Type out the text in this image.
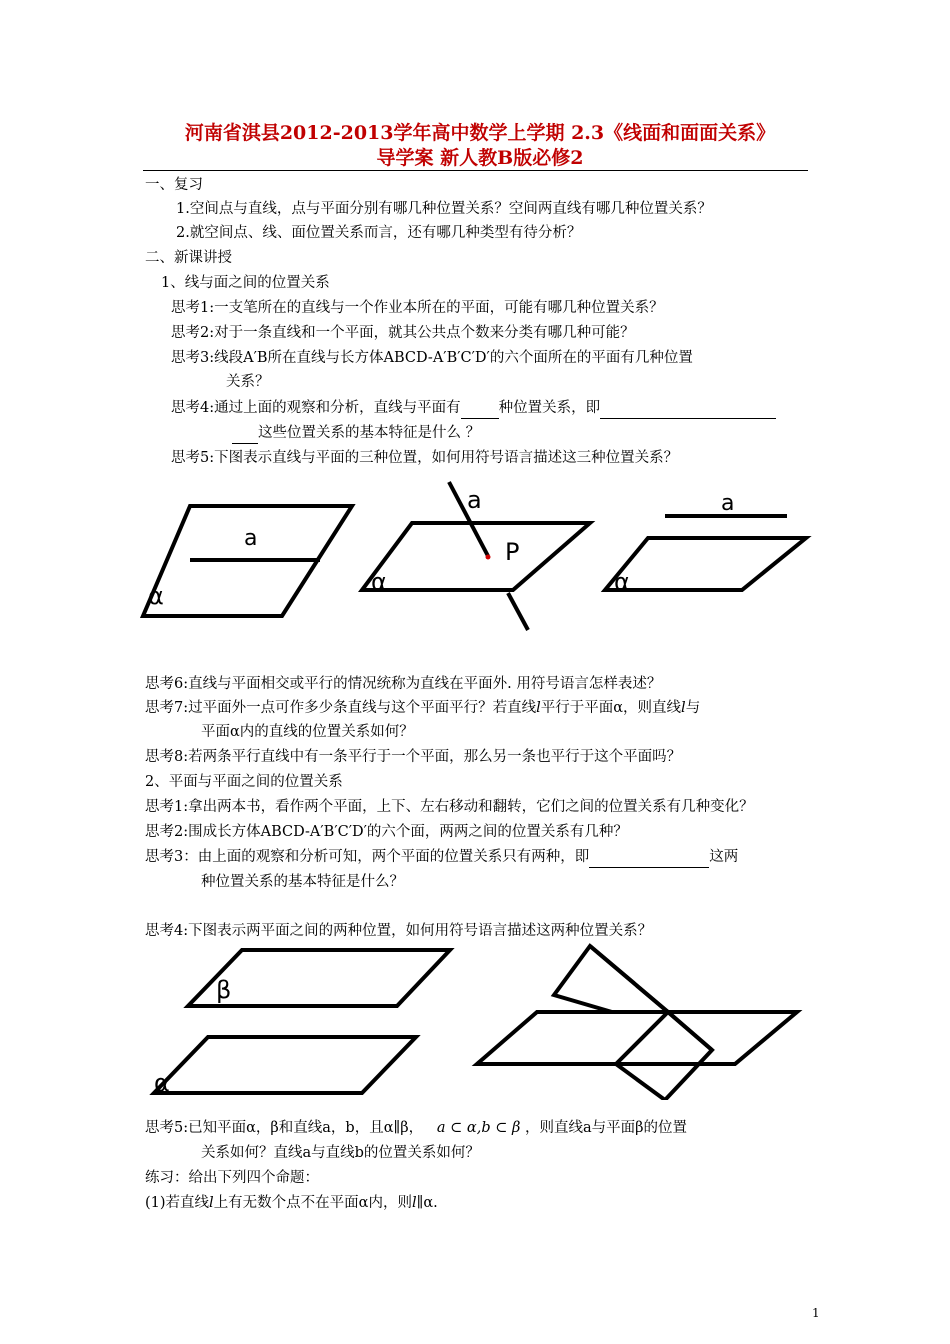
河南省淇县2012-2013学年高中数学上学期 2.3《线面和面面关系》
导学案 新人教B版必修2
一、复习
1.空间点与直线，点与平面分别有哪几种位置关系？空间两直线有哪几种位置关系？
2.就空间点、线、面位置关系而言，还有哪几种类型有待分析？
二、新课讲授
1、线与面之间的位置关系
思考1:一支笔所在的直线与一个作业本所在的平面，可能有哪几种位置关系？
思考2:对于一条直线和一个平面，就其公共点个数来分类有哪几种可能？
思考3:线段A′B所在直线与长方体ABCD-A′B′C′D′的六个面所在的平面有几种位置
关系？
思考4:通过上面的观察和分析，直线与平面有	种位置关系，即
这些位置关系的基本特征是什么 ？
思考5:下图表示直线与平面的三种位置，如何用符号语言描述这三种位置关系？
a
α
a
P
α
a
α
思考6:直线与平面相交或平行的情况统称为直线在平面外. 用符号语言怎样表述？
思考7:过平面外一点可作多少条直线与这个平面平行？若直线l平行于平面α，则直线l与
平面α内的直线的位置关系如何？
思考8:若两条平行直线中有一条平行于一个平面，那么另一条也平行于这个平面吗？
2、平面与平面之间的位置关系
思考1:拿出两本书，看作两个平面，上下、左右移动和翻转，它们之间的位置关系有几种变化？
思考2:围成长方体ABCD-A′B′C′D′的六个面，两两之间的位置关系有几种？
思考3：由上面的观察和分析可知，两个平面的位置关系只有两种，即	这两
种位置关系的基本特征是什么？
思考4:下图表示两平面之间的两种位置，如何用符号语言描述这两种位置关系？
β
α
思考5:已知平面α，β和直线a，b，且α∥β， a ⊂ α,b ⊂ β ，则直线a与平面β的位置
关系如何？直线a与直线b的位置关系如何？
练习：给出下列四个命题：
(1)若直线l上有无数个点不在平面α内，则l∥α.
1
